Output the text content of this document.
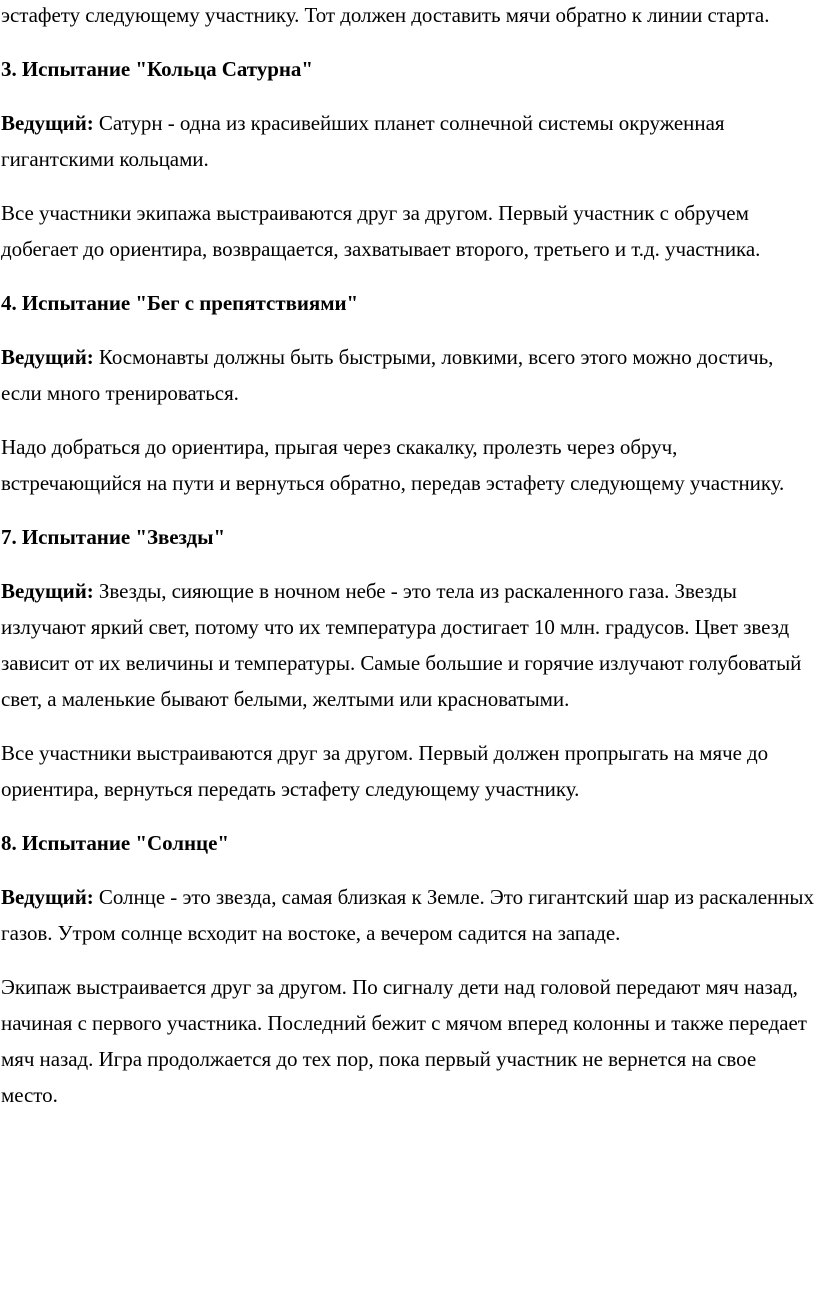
эстафету следующему участнику. Тот должен доставить мячи обратно к линии старта.

3. Испытание "Кольца Сатурна"

Ведущий: Сатурн - одна из красивейших планет солнечной системы окруженная гигантскими кольцами.

Все участники экипажа выстраиваются друг за другом. Первый участник с обручем добегает до ориентира, возвращается, захватывает второго, третьего и т.д. участника.

4. Испытание "Бег с препятствиями"

Ведущий: Космонавты должны быть быстрыми, ловкими, всего этого можно достичь, если много тренироваться.

Надо добраться до ориентира, прыгая через скакалку, пролезть через обруч, встречающийся на пути и вернуться обратно, передав эстафету следующему участнику.

7. Испытание "Звезды"

Ведущий: Звезды, сияющие в ночном небе - это тела из раскаленного газа. Звезды излучают яркий свет, потому что их температура достигает 10 млн. градусов. Цвет звезд зависит от их величины и температуры. Самые большие и горячие излучают голубоватый свет, а маленькие бывают белыми, желтыми или красноватыми.

Все участники выстраиваются друг за другом. Первый должен пропрыгать на мяче до ориентира, вернуться передать эстафету следующему участнику.

8. Испытание "Солнце"

Ведущий: Солнце - это звезда, самая близкая к Земле. Это гигантский шар из раскаленных газов. Утром солнце всходит на востоке, а вечером садится на западе.

Экипаж выстраивается друг за другом. По сигналу дети над головой передают мяч назад, начиная с первого участника. Последний бежит с мячом вперед колонны и также передает мяч назад. Игра продолжается до тех пор, пока первый участник не вернется на свое место.
